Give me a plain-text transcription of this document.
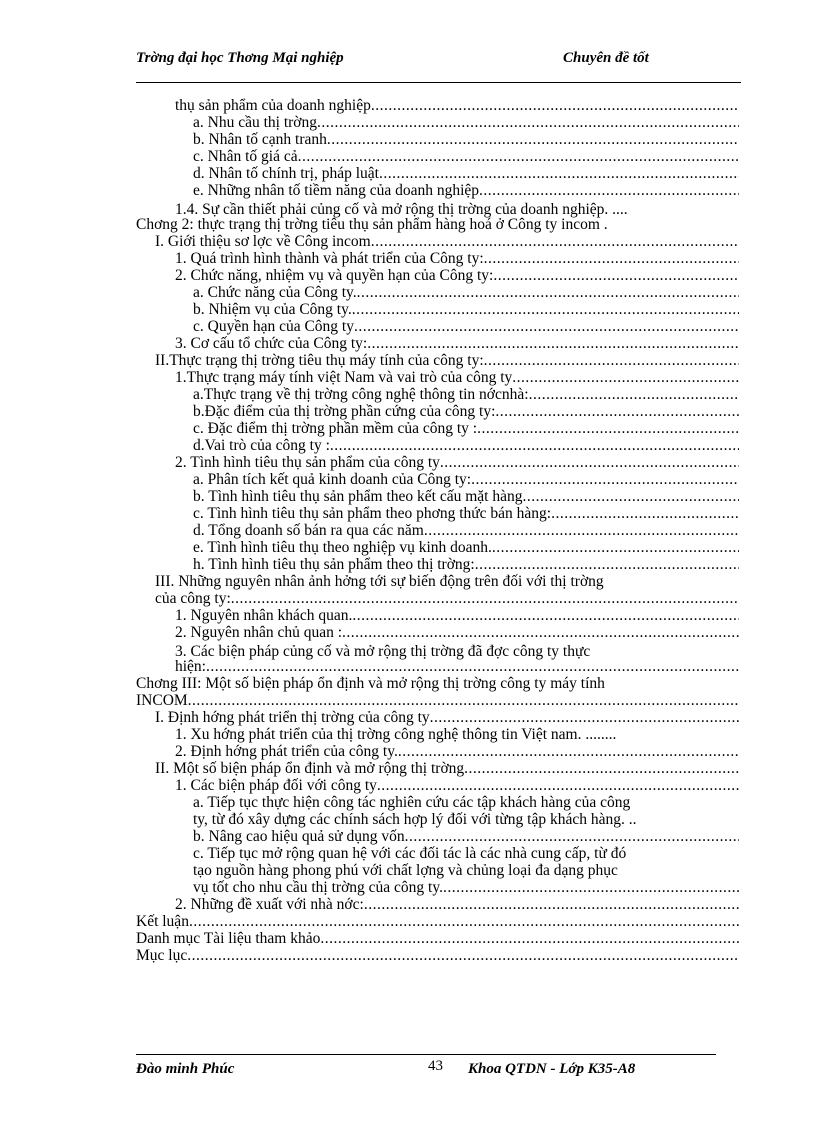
Trờng đại học Thơng Mại nghiệp	Chuyên đề tốt
thụ sản phẩm của doanh nghiệp
.....
a. Nhu cầu thị trờng
.....
b. Nhân tố cạnh tranh
.....
c. Nhân tố giá cả
.....
d. Nhân tố chính trị, pháp luật
.....
e. Những nhân tố tiềm năng của doanh nghiệp
.....
1.4. Sự cần thiết phải củng cố và mở rộng thị trờng của doanh nghiệp. ....
Chơng 2: thực trạng thị trờng tiêu thụ sản phẩm hàng hoá ở Công ty incom .
I. Giới thiệu sơ lợc về Công incom
.....
1. Quá trình hình thành và phát triển của Công ty:
.....
2. Chức năng, nhiệm vụ và quyền hạn của Công ty:
.....
a. Chức năng của Công ty.
.....
b. Nhiệm vụ của Công ty.
.....
c. Quyền hạn của Công ty
.....
3. Cơ cấu tổ chức của Công ty:
.....
II.Thực trạng thị trờng tiêu thụ máy tính của công ty:
.....
1.Thực trạng máy tính việt Nam và vai trò của công ty
.....
a.Thực trạng về thị trờng công nghệ thông tin nớcnhà:
.....
b.Đặc điểm của thị trờng phần cứng của công ty:
.....
c. Đặc điểm thị trờng phần mềm của công ty :
.....
d.Vai trò của công ty :
.....
2. Tình hình tiêu thụ sản phẩm của công ty
.....
a. Phân tích kết quả kinh doanh của Công ty:
.....
b. Tình hình tiêu thụ sản phẩm theo kết cấu mặt hàng
.....
c. Tình hình tiêu thụ sản phẩm theo phơng thức bán hàng:
.....
d. Tổng doanh số bán ra qua các năm
.....
e. Tình hình tiêu thụ theo nghiệp vụ kinh doanh.
.....
h. Tình hình tiêu thụ sản phẩm theo thị trờng:
.....
III. Những nguyên nhân ảnh hởng tới sự biến động trên đối với thị trờng
của công ty:
.....
1. Nguyên nhân khách quan.
.....
2. Nguyên nhân chủ quan :
.....
3. Các biện pháp củng cố và mở rộng thị trờng đã đợc công ty thực
hiện:
.....
Chơng III: Một số biện pháp ổn định và mở rộng thị trờng công ty máy tính
INCOM
.....
I. Định hớng phát triển thị trờng của công ty
.....
1. Xu hớng phát triển của thị trờng công nghệ thông tin Việt nam. ........
2. Định hớng phát triển của công ty.
.....
II. Một số biện pháp ổn định và mở rộng thị trờng
.....
1. Các biện pháp đối với công ty
.....
a. Tiếp tục thực hiện công tác nghiên cứu các tập khách hàng của công
ty, từ đó xây dựng các chính sách hợp lý đối với từng tập khách hàng. ..
b. Nâng cao hiệu quả sử dụng vốn
.....
c. Tiếp tục mở rộng quan hệ với các đối tác là các nhà cung cấp, từ đó
tạo nguồn hàng phong phú với chất lợng và chủng loại đa dạng phục
vụ tốt cho nhu cầu thị trờng của công ty.
.....
2. Những đề xuất với nhà nớc:
.....
Kết luận
.....
Danh mục Tài liệu tham khảo
.....
Mục lục
.....
Đào minh Phúc	43 Khoa QTDN - Lớp K35-A8
